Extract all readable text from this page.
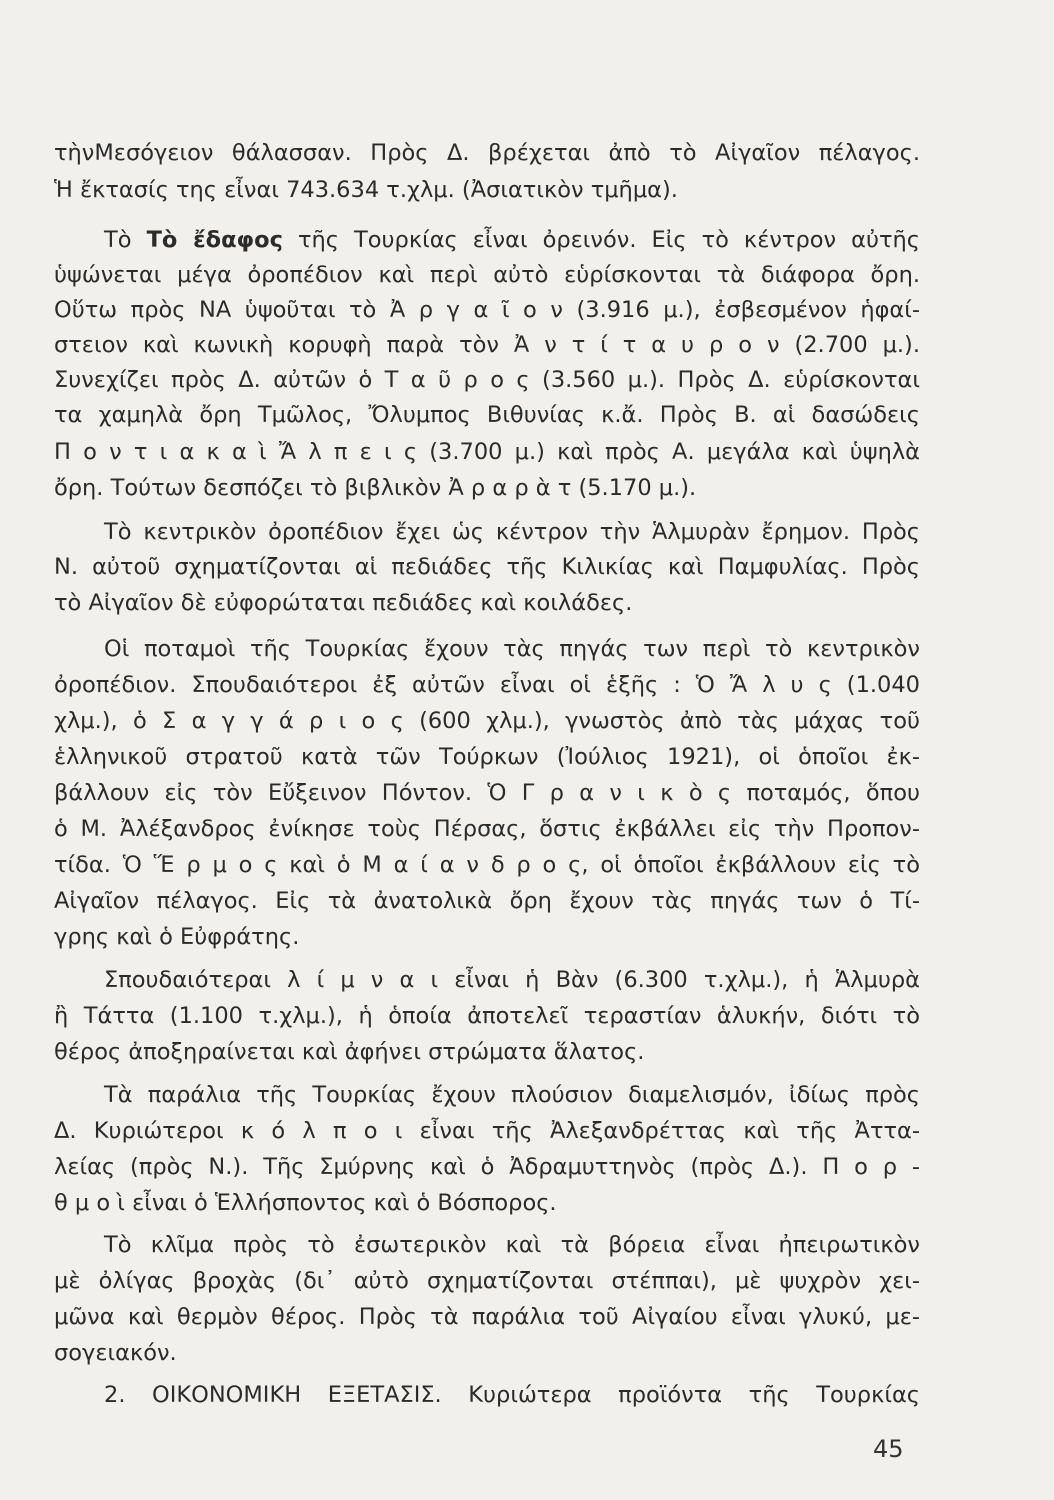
τὴνΜεσόγειον θάλασσαν. Πρὸς Δ. βρέχεται ἀπὸ τὸ Αἰγαῖον πέλαγος.
Ἡ ἔκτασίς της εἶναι 743.634 τ.χλμ. (Ἀσιατικὸν τμῆμα).
Τὸ Τὸ ἔδαφος τῆς Τουρκίας εἶναι ὀρεινόν. Εἰς τὸ κέντρον αὐτῆς
ὑψώνεται μέγα ὀροπέδιον καὶ περὶ αὐτὸ εὑρίσκονται τὰ διάφορα ὄρη.
Οὕτω πρὸς ΝΑ ὑψοῦται τὸ Ἀ ρ γ α ῖ ο ν (3.916 μ.), ἐσβεσμένον ἡφαί-
στειον καὶ κωνικὴ κορυφὴ παρὰ τὸν Ἀ ν τ ί τ α υ ρ ο ν (2.700 μ.).
Συνεχίζει πρὸς Δ. αὐτῶν ὁ Τ α ῦ ρ ο ς (3.560 μ.). Πρὸς Δ. εὑρίσκονται
τα χαμηλὰ ὄρη Τμῶλος, Ὄλυμπος Βιθυνίας κ.ἄ. Πρὸς Β. αἱ δασώδεις
Π ο ν τ ι α κ α ὶ Ἄ λ π ε ι ς (3.700 μ.) καὶ πρὸς Α. μεγάλα καὶ ὑψηλὰ
ὄρη. Τούτων δεσπόζει τὸ βιβλικὸν Ἀ ρ α ρ ὰ τ (5.170 μ.).
Τὸ κεντρικὸν ὀροπέδιον ἔχει ὡς κέντρον τὴν Ἁλμυρὰν ἔρημον. Πρὸς
Ν. αὐτοῦ σχηματίζονται αἱ πεδιάδες τῆς Κιλικίας καὶ Παμφυλίας. Πρὸς
τὸ Αἰγαῖον δὲ εὐφορώταται πεδιάδες καὶ κοιλάδες.
Οἱ ποταμοὶ τῆς Τουρκίας ἔχουν τὰς πηγάς των περὶ τὸ κεντρικὸν
ὀροπέδιον. Σπουδαιότεροι ἐξ αὐτῶν εἶναι οἱ ἑξῆς : Ὁ Ἄ λ υ ς (1.040
χλμ.), ὁ Σ α γ γ ά ρ ι ο ς (600 χλμ.), γνωστὸς ἀπὸ τὰς μάχας τοῦ
ἑλληνικοῦ στρατοῦ κατὰ τῶν Τούρκων (Ἰούλιος 1921), οἱ ὁποῖοι ἐκ-
βάλλουν εἰς τὸν Εὔξεινον Πόντον. Ὁ Γ ρ α ν ι κ ὸ ς ποταμός, ὅπου
ὁ Μ. Ἀλέξανδρος ἐνίκησε τοὺς Πέρσας, ὅστις ἐκβάλλει εἰς τὴν Προπον-
τίδα. Ὁ Ἕ ρ μ ο ς καὶ ὁ Μ α ί α ν δ ρ ο ς, οἱ ὁποῖοι ἐκβάλλουν εἰς τὸ
Αἰγαῖον πέλαγος. Εἰς τὰ ἀνατολικὰ ὄρη ἔχουν τὰς πηγάς των ὁ Τί-
γρης καὶ ὁ Εὐφράτης.
Σπουδαιότεραι λ ί μ ν α ι εἶναι ἡ Βὰν (6.300 τ.χλμ.), ἡ Ἁλμυρὰ
ἢ Τάττα (1.100 τ.χλμ.), ἡ ὁποία ἀποτελεῖ τεραστίαν ἁλυκήν, διότι τὸ
θέρος ἀποξηραίνεται καὶ ἀφήνει στρώματα ἅλατος.
Τὰ παράλια τῆς Τουρκίας ἔχουν πλούσιον διαμελισμόν, ἰδίως πρὸς
Δ. Κυριώτεροι κ ό λ π ο ι εἶναι τῆς Ἀλεξανδρέττας καὶ τῆς Ἀττα-
λείας (πρὸς Ν.). Τῆς Σμύρνης καὶ ὁ Ἀδραμυττηνὸς (πρὸς Δ.). Π ο ρ -
θ μ ο ὶ εἶναι ὁ Ἑλλήσποντος καὶ ὁ Βόσπορος.
Τὸ κλῖμα πρὸς τὸ ἐσωτερικὸν καὶ τὰ βόρεια εἶναι ἠπειρωτικὸν
μὲ ὀλίγας βροχὰς (δι᾿ αὐτὸ σχηματίζονται στέππαι), μὲ ψυχρὸν χει-
μῶνα καὶ θερμὸν θέρος. Πρὸς τὰ παράλια τοῦ Αἰγαίου εἶναι γλυκύ, με-
σογειακόν.
2. ΟΙΚΟΝΟΜΙΚΗ ΕΞΕΤΑΣΙΣ. Κυριώτερα προϊόντα τῆς Τουρκίας
45
